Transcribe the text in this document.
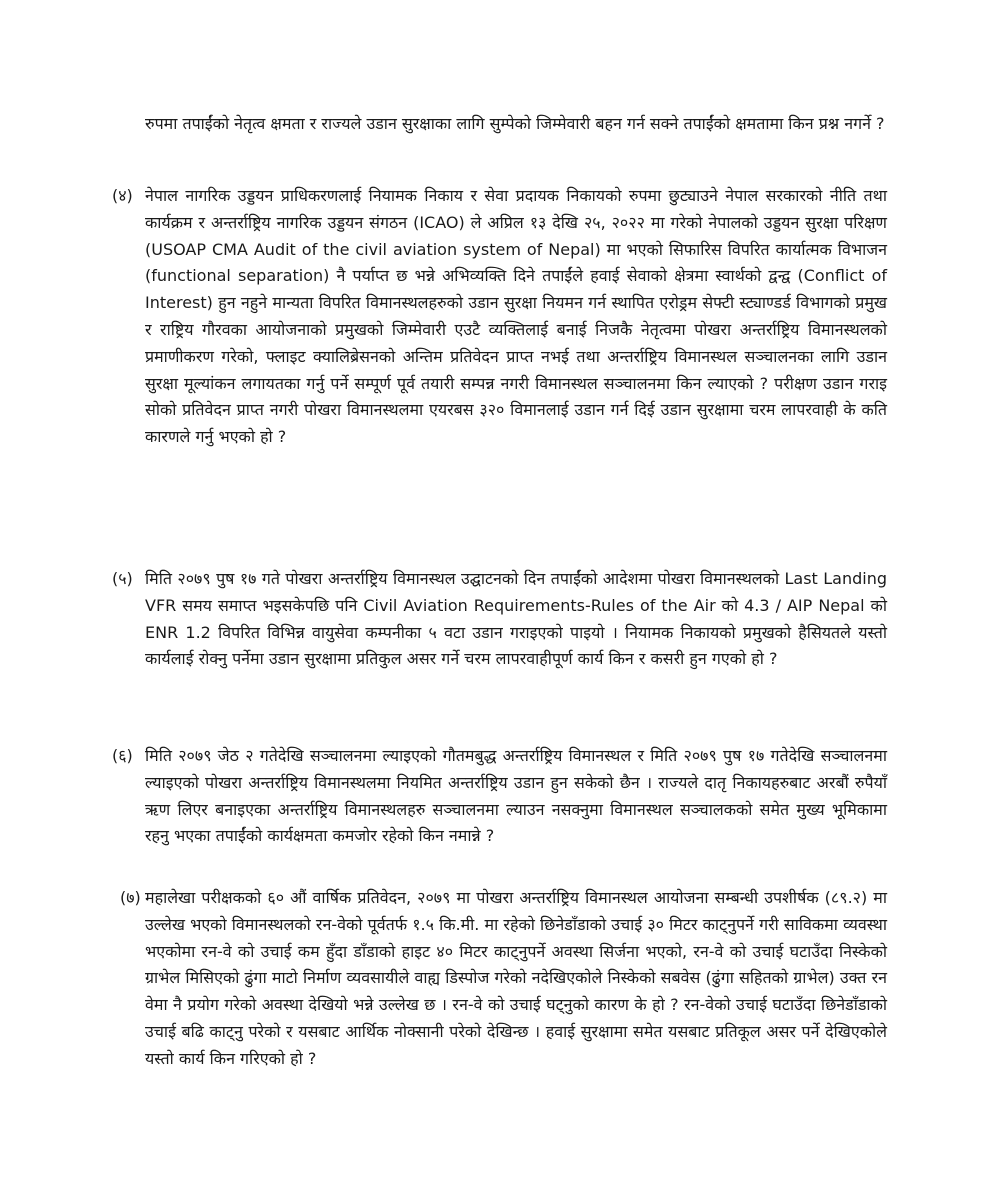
रुपमा तपाईंको नेतृत्व क्षमता र राज्यले उडान सुरक्षाका लागि सुम्पेको जिम्मेवारी बहन गर्न सक्ने तपाईंको क्षमतामा किन प्रश्न नगर्ने ?

(४) नेपाल नागरिक उड्डयन प्राधिकरणलाई नियामक निकाय र सेवा प्रदायक निकायको रुपमा छुट्याउने नेपाल सरकारको नीति तथा कार्यक्रम र अन्तर्राष्ट्रिय नागरिक उड्डयन संगठन (ICAO) ले अप्रिल १३ देखि २५, २०२२ मा गरेको नेपालको उड्डयन सुरक्षा परिक्षण (USOAP CMA Audit of the civil aviation system of Nepal) मा भएको सिफारिस विपरित कार्यात्मक विभाजन (functional separation) नै पर्याप्त छ भन्ने अभिव्यक्ति दिने तपाईंले हवाई सेवाको क्षेत्रमा स्वार्थको द्वन्द्व (Conflict of Interest) हुन नहुने मान्यता विपरित विमानस्थलहरुको उडान सुरक्षा नियमन गर्न स्थापित एरोड्रम सेफ्टी स्ट्याण्डर्ड विभागको प्रमुख र राष्ट्रिय गौरवका आयोजनाको प्रमुखको जिम्मेवारी एउटै व्यक्तिलाई बनाई निजकै नेतृत्वमा पोखरा अन्तर्राष्ट्रिय विमानस्थलको प्रमाणीकरण गरेको, फ्लाइट क्यालिब्रेसनको अन्तिम प्रतिवेदन प्राप्त नभई तथा अन्तर्राष्ट्रिय विमानस्थल सञ्चालनका लागि उडान सुरक्षा मूल्यांकन लगायतका गर्नु पर्ने सम्पूर्ण पूर्व तयारी सम्पन्न नगरी विमानस्थल सञ्चालनमा किन ल्याएको ? परीक्षण उडान गराइ सोको प्रतिवेदन प्राप्त नगरी पोखरा विमानस्थलमा एयरबस ३२० विमानलाई उडान गर्न दिई उडान सुरक्षामा चरम लापरवाही के कति कारणले गर्नु भएको हो ?

(५) मिति २०७९ पुष १७ गते पोखरा अन्तर्राष्ट्रिय विमानस्थल उद्घाटनको दिन तपाईंको आदेशमा पोखरा विमानस्थलको Last Landing VFR समय समाप्त भइसकेपछि पनि Civil Aviation Requirements-Rules of the Air को 4.3 / AIP Nepal को ENR 1.2 विपरित विभिन्न वायुसेवा कम्पनीका ५ वटा उडान गराइएको पाइयो । नियामक निकायको प्रमुखको हैसियतले यस्तो कार्यलाई रोक्नु पर्नेमा उडान सुरक्षामा प्रतिकुल असर गर्ने चरम लापरवाहीपूर्ण कार्य किन र कसरी हुन गएको हो ?

(६) मिति २०७९ जेठ २ गतेदेखि सञ्चालनमा ल्याइएको गौतमबुद्ध अन्तर्राष्ट्रिय विमानस्थल र मिति २०७९ पुष १७ गतेदेखि सञ्चालनमा ल्याइएको पोखरा अन्तर्राष्ट्रिय विमानस्थलमा नियमित अन्तर्राष्ट्रिय उडान हुन सकेको छैन । राज्यले दातृ निकायहरुबाट अरबौं रुपैयाँ ऋण लिएर बनाइएका अन्तर्राष्ट्रिय विमानस्थलहरु सञ्चालनमा ल्याउन नसक्नुमा विमानस्थल सञ्चालकको समेत मुख्य भूमिकामा रहनु भएका तपाईंको कार्यक्षमता कमजोर रहेको किन नमान्ने ?

(७) महालेखा परीक्षकको ६० औं वार्षिक प्रतिवेदन, २०७९ मा पोखरा अन्तर्राष्ट्रिय विमानस्थल आयोजना सम्बन्धी उपशीर्षक (८९.२) मा उल्लेख भएको विमानस्थलको रन-वेको पूर्वतर्फ १.५ कि.मी. मा रहेको छिनेडाँडाको उचाई ३० मिटर काट्नुपर्ने गरी साविकमा व्यवस्था भएकोमा रन-वे को उचाई कम हुँदा डाँडाको हाइट ४० मिटर काट्नुपर्ने अवस्था सिर्जना भएको, रन-वे को उचाई घटाउँदा निस्केको ग्राभेल मिसिएको ढुंगा माटो निर्माण व्यवसायीले वाह्य डिस्पोज गरेको नदेखिएकोले निस्केको सबवेस (ढुंगा सहितको ग्राभेल) उक्त रन वेमा नै प्रयोग गरेको अवस्था देखियो भन्ने उल्लेख छ । रन-वे को उचाई घट्नुको कारण के हो ? रन-वेको उचाई घटाउँदा छिनेडाँडाको उचाई बढि काट्नु परेको र यसबाट आर्थिक नोक्सानी परेको देखिन्छ । हवाई सुरक्षामा समेत यसबाट प्रतिकूल असर पर्ने देखिएकोले यस्तो कार्य किन गरिएको हो ?
